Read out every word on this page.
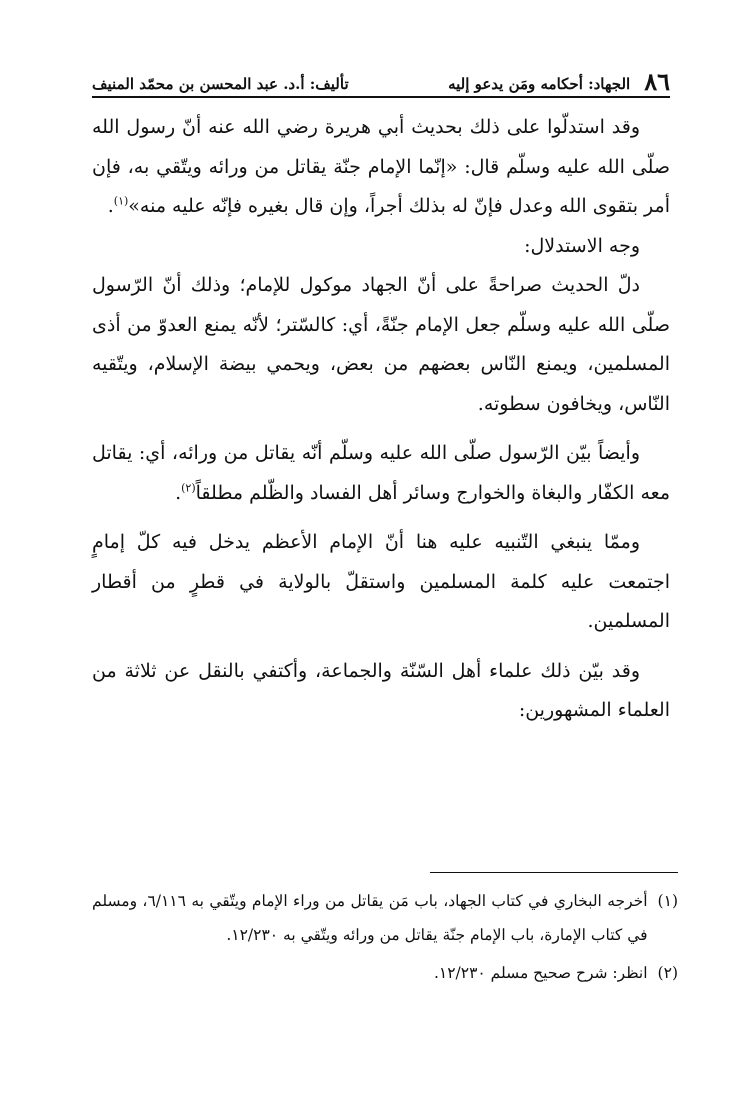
٨٦
الجهاد: أحكامه ومَن يدعو إليه
تأليف: أ.د. عبد المحسن بن محمّد المنيف

وقد استدلّوا على ذلك بحديث أبي هريرة رضي الله عنه أنّ رسول الله صلّى الله عليه وسلّم قال: «إنّما الإمام جنّة يقاتل من ورائه ويتّقي به، فإن أمر بتقوى الله وعدل فإنّ له بذلك أجراً، وإن قال بغيره فإنّه عليه منه»$^{(١)}$.

وجه الاستدلال:

دلّ الحديث صراحةً على أنّ الجهاد موكول للإمام؛ وذلك أنّ الرّسول صلّى الله عليه وسلّم جعل الإمام جنّةً، أي: كالسّتر؛ لأنّه يمنع العدوّ من أذى المسلمين، ويمنع النّاس بعضهم من بعض، ويحمي بيضة الإسلام، ويتّقيه النّاس، ويخافون سطوته.

وأيضاً بيّن الرّسول صلّى الله عليه وسلّم أنّه يقاتل من ورائه، أي: يقاتل معه الكفّار والبغاة والخوارج وسائر أهل الفساد والظّلم مطلقاً$^{(٢)}$.

وممّا ينبغي التّنبيه عليه هنا أنّ الإمام الأعظم يدخل فيه كلّ إمامٍ اجتمعت عليه كلمة المسلمين واستقلّ بالولاية في قطرٍ من أقطار المسلمين.

وقد بيّن ذلك علماء أهل السّنّة والجماعة، وأكتفي بالنقل عن ثلاثة من العلماء المشهورين:

(١)
أخرجه البخاري في كتاب الجهاد، باب مَن يقاتل من وراء الإمام ويتّقي به ٦/١١٦، ومسلم في كتاب الإمارة، باب الإمام جنّة يقاتل من ورائه ويتّقي به ١٢/٢٣٠.
(٢)
انظر: شرح صحيح مسلم ١٢/٢٣٠.
